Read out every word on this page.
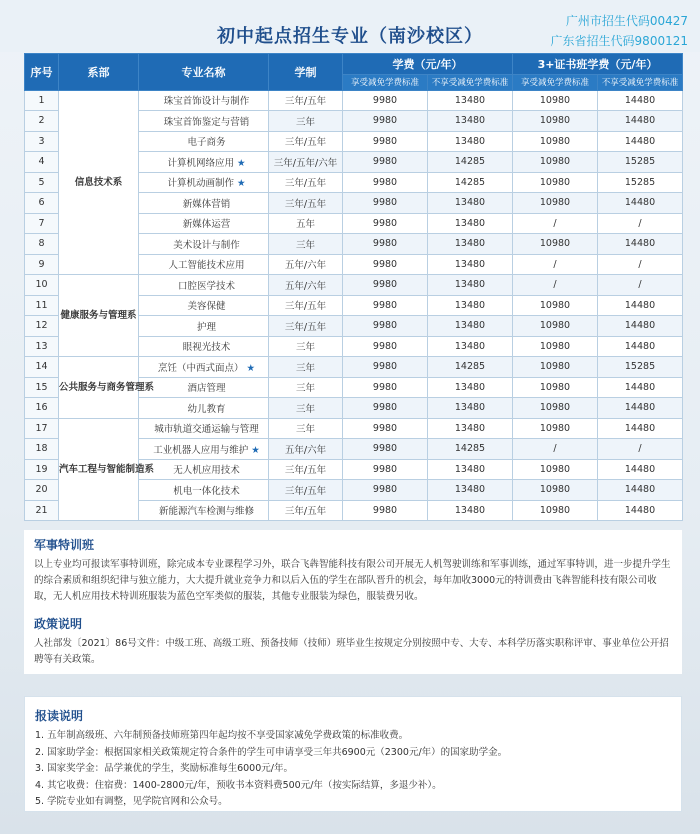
初中起点招生专业（南沙校区）
广州市招生代码00427
广东省招生代码9800121
序号	系部	专业名称	学制	学费（元/年）		3+证书班学费（元/年）	
				享受减免学费标准	不享受减免学费标准	享受减免学费标准	不享受减免学费标准
1	信息技术系	珠宝首饰设计与制作	三年/五年	9980	13480	10980	14480
2		珠宝首饰鉴定与营销	三年	9980	13480	10980	14480
3		电子商务	三年/五年	9980	13480	10980	14480
4		计算机网络应用 ★	三年/五年/六年	9980	14285	10980	15285
5		计算机动画制作 ★	三年/五年	9980	14285	10980	15285
6		新媒体营销	三年/五年	9980	13480	10980	14480
7		新媒体运营	五年	9980	13480	/	/
8		美术设计与制作	三年	9980	13480	10980	14480
9		人工智能技术应用	五年/六年	9980	13480	/	/
10	健康服务与管理系	口腔医学技术	五年/六年	9980	13480	/	/
11		美容保健	三年/五年	9980	13480	10980	14480
12		护理	三年/五年	9980	13480	10980	14480
13		眼视光技术	三年	9980	13480	10980	14480
14	公共服务与商务管理系	烹饪（中西式面点） ★	三年	9980	14285	10980	15285
15		酒店管理	三年	9980	13480	10980	14480
16		幼儿教育	三年	9980	13480	10980	14480
17	汽车工程与智能制造系	城市轨道交通运输与管理	三年	9980	13480	10980	14480
18		工业机器人应用与维护 ★	五年/六年	9980	14285	/	/
19		无人机应用技术	三年/五年	9980	13480	10980	14480
20		机电一体化技术	三年/五年	9980	13480	10980	14480
21		新能源汽车检测与维修	三年/五年	9980	13480	10980	14480
军事特训班
以上专业均可报读军事特训班，除完成本专业课程学习外，联合飞犇智能科技有限公司开展无人机驾驶训练和军事训练，通过军事特训，进一步提升学生的综合素质和组织纪律与独立能力，大大提升就业竞争力和以后入伍的学生在部队晋升的机会，每年加收3000元的特训费由飞犇智能科技有限公司收取，无人机应用技术特训班服装为蓝色空军类似的服装，其他专业服装为绿色，服装费另收。
政策说明
人社部发〔2021〕86号文件：中级工班、高级工班、预备技师（技师）班毕业生按规定分别按照中专、大专、本科学历落实职称评审、事业单位公开招聘等有关政策。
报读说明
1. 五年制高级班、六年制预备技师班第四年起均按不享受国家减免学费政策的标准收费。
2. 国家助学金：根据国家相关政策规定符合条件的学生可申请享受三年共6900元（2300元/年）的国家助学金。
3. 国家奖学金：品学兼优的学生，奖励标准每生6000元/年。
4. 其它收费：住宿费：1400-2800元/年，预收书本资料费500元/年（按实际结算，多退少补）。
5. 学院专业如有调整，见学院官网和公众号。
